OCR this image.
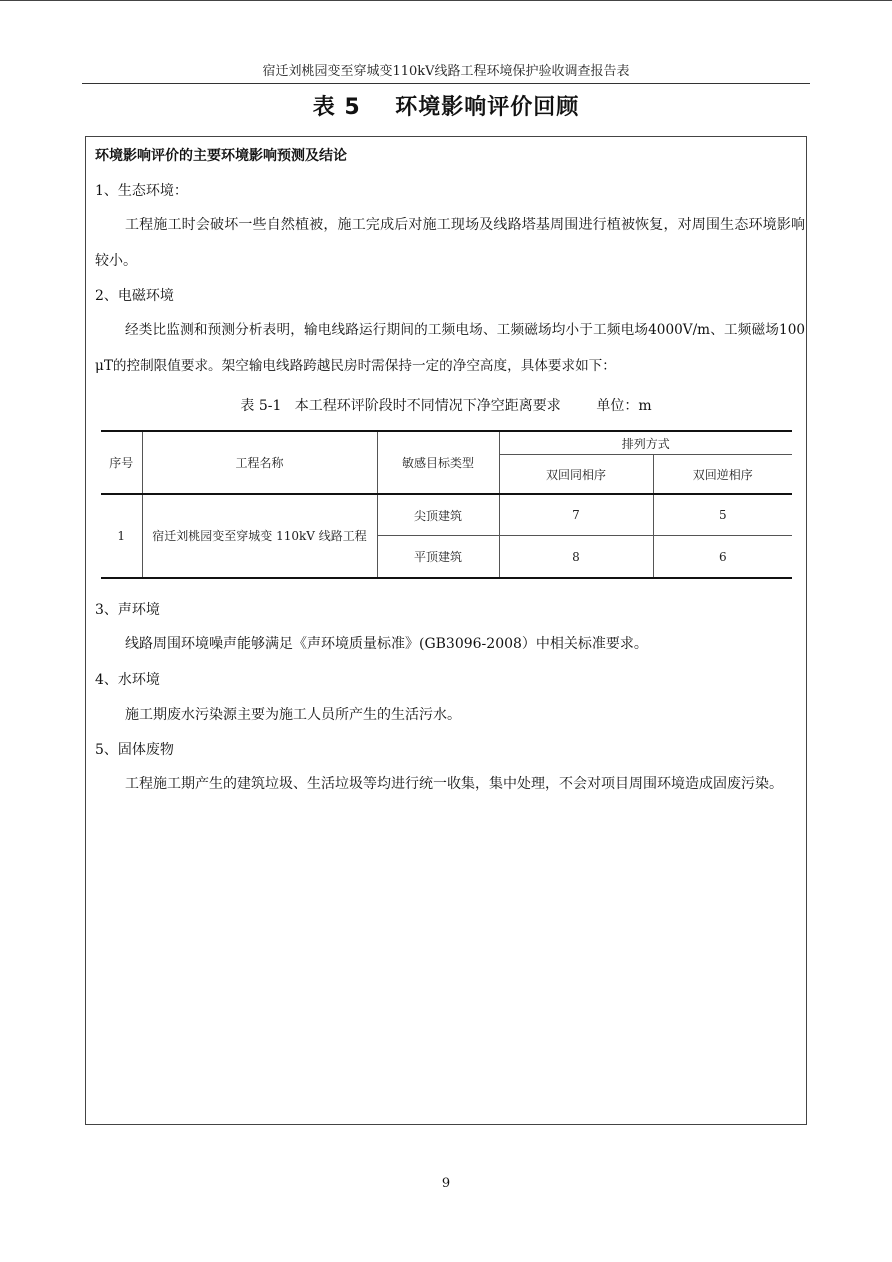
宿迁刘桃园变至穿城变110kV线路工程环境保护验收调查报告表
表 5    环境影响评价回顾
环境影响评价的主要环境影响预测及结论
1、生态环境：
工程施工时会破坏一些自然植被，施工完成后对施工现场及线路塔基周围进行植被恢复，对周围生态环境影响较小。
2、电磁环境
经类比监测和预测分析表明，输电线路运行期间的工频电场、工频磁场均小于工频电场4000V/m、工频磁场100μT的控制限值要求。架空输电线路跨越民房时需保持一定的净空高度，具体要求如下：
表 5-1   本工程环评阶段时不同情况下净空距离要求        单位：m
序号	工程名称	敏感目标类型	排列方式	
			双回同相序	双回逆相序
1	宿迁刘桃园变至穿城变 110kV 线路工程	尖顶建筑	7	5
		平顶建筑	8	6
3、声环境
线路周围环境噪声能够满足《声环境质量标准》(GB3096-2008）中相关标准要求。
4、水环境
施工期废水污染源主要为施工人员所产生的生活污水。
5、固体废物
工程施工期产生的建筑垃圾、生活垃圾等均进行统一收集，集中处理，不会对项目周围环境造成固废污染。
9
